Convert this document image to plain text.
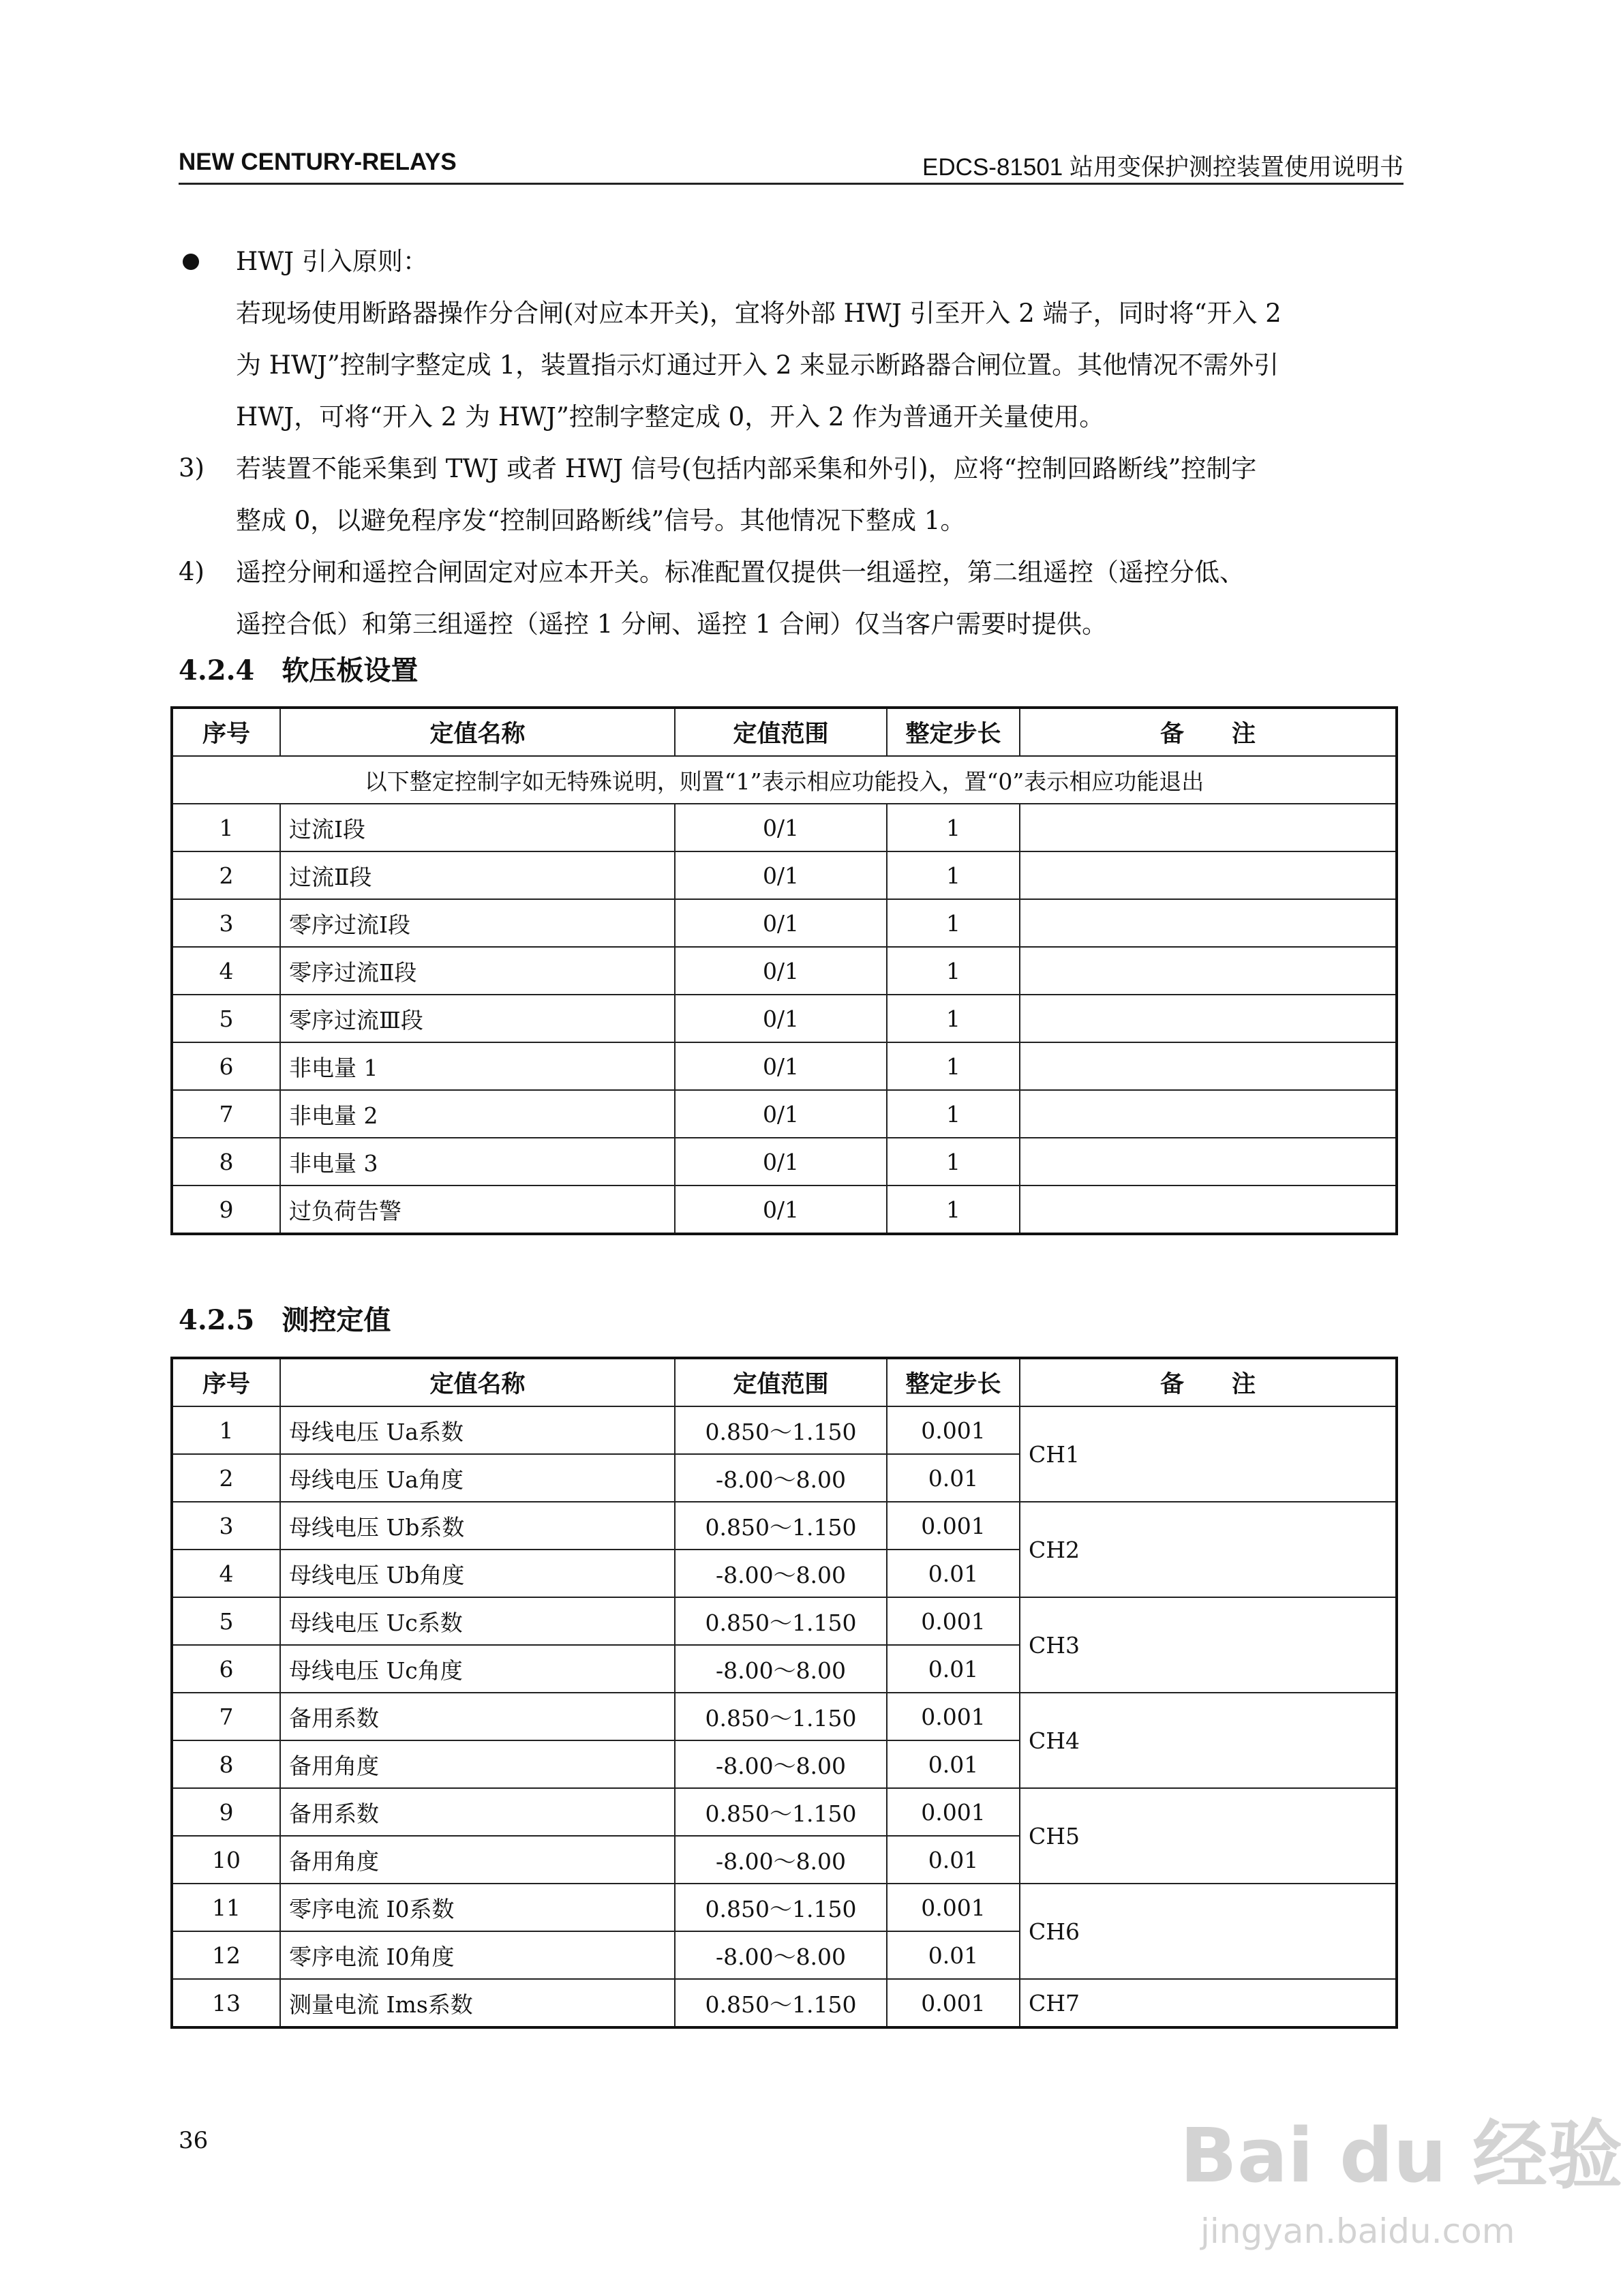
NEW CENTURY-RELAYS	EDCS-81501 站用变保护测控装置使用说明书
HWJ 引入原则：
若现场使用断路器操作分合闸(对应本开关)，宜将外部 HWJ 引至开入 2 端子，同时将“开入 2
为 HWJ”控制字整定成 1，装置指示灯通过开入 2 来显示断路器合闸位置。其他情况不需外引
HWJ，可将“开入 2 为 HWJ”控制字整定成 0，开入 2 作为普通开关量使用。
3) 若装置不能采集到 TWJ 或者 HWJ 信号(包括内部采集和外引)，应将“控制回路断线”控制字
整成 0，以避免程序发“控制回路断线”信号。其他情况下整成 1。
4) 遥控分闸和遥控合闸固定对应本开关。标准配置仅提供一组遥控，第二组遥控（遥控分低、
遥控合低）和第三组遥控（遥控 1 分闸、遥控 1 合闸）仅当客户需要时提供。
4.2.4　软压板设置
序号	定值名称	定值范围	整定步长	备　　注
以下整定控制字如无特殊说明，则置“1”表示相应功能投入，置“0”表示相应功能退出				
1	过流Ⅰ段	0/1	1	
2	过流Ⅱ段	0/1	1	
3	零序过流Ⅰ段	0/1	1	
4	零序过流Ⅱ段	0/1	1	
5	零序过流Ⅲ段	0/1	1	
6	非电量 1	0/1	1	
7	非电量 2	0/1	1	
8	非电量 3	0/1	1	
9	过负荷告警	0/1	1	
4.2.5　测控定值
序号	定值名称	定值范围	整定步长	备　　注
1	母线电压 Ua系数	0.850～1.150	0.001	CH1
2	母线电压 Ua角度	-8.00～8.00	0.01	
3	母线电压 Ub系数	0.850～1.150	0.001	CH2
4	母线电压 Ub角度	-8.00～8.00	0.01	
5	母线电压 Uc系数	0.850～1.150	0.001	CH3
6	母线电压 Uc角度	-8.00～8.00	0.01	
7	备用系数	0.850～1.150	0.001	CH4
8	备用角度	-8.00～8.00	0.01	
9	备用系数	0.850～1.150	0.001	CH5
10	备用角度	-8.00～8.00	0.01	
11	零序电流 I0系数	0.850～1.150	0.001	CH6
12	零序电流 I0角度	-8.00～8.00	0.01	
13	测量电流 Ims系数	0.850～1.150	0.001	CH7
36	Bai du 经验
jingyan.baidu.com
